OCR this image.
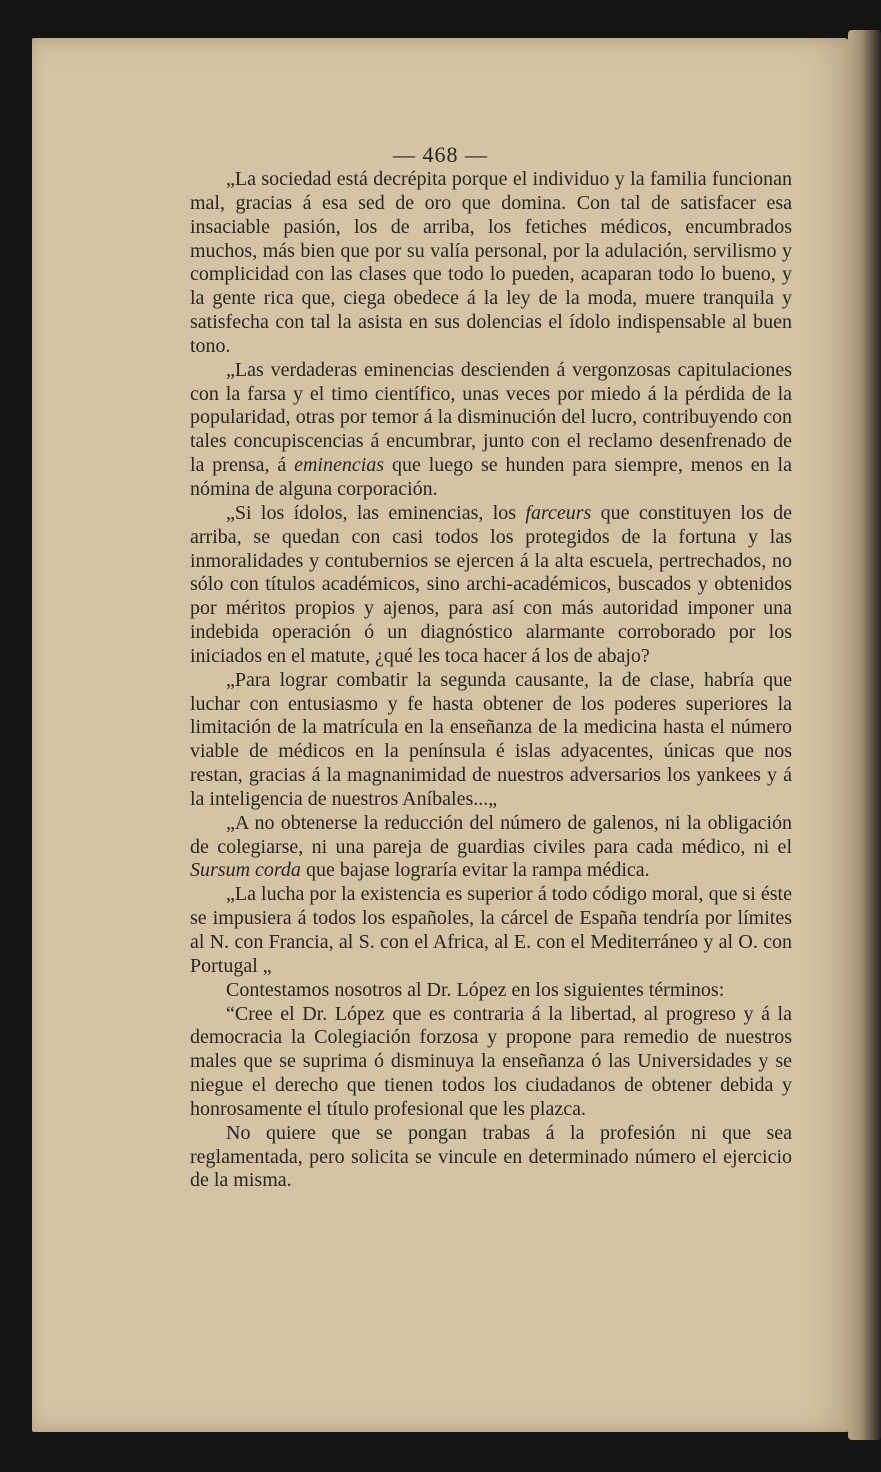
— 468 —

„La sociedad está decrépita porque el individuo y la familia funcionan mal, gracias á esa sed de oro que domina. Con tal de satisfacer esa insaciable pasión, los de arriba, los fetiches médicos, encumbrados muchos, más bien que por su valía personal, por la adulación, servilismo y complicidad con las clases que todo lo pueden, acaparan todo lo bueno, y la gente rica que, ciega obedece á la ley de la moda, muere tranquila y satisfecha con tal la asista en sus dolencias el ídolo indispensable al buen tono.

„Las verdaderas eminencias descienden á vergonzosas capitulaciones con la farsa y el timo científico, unas veces por miedo á la pérdida de la popularidad, otras por temor á la disminución del lucro, contribuyendo con tales concupiscencias á encumbrar, junto con el reclamo desenfrenado de la prensa, á eminencias que luego se hunden para siempre, menos en la nómina de alguna corporación.

„Si los ídolos, las eminencias, los farceurs que constituyen los de arriba, se quedan con casi todos los protegidos de la fortuna y las inmoralidades y contubernios se ejercen á la alta escuela, pertrechados, no sólo con títulos académicos, sino archi-académicos, buscados y obtenidos por méritos propios y ajenos, para así con más autoridad imponer una indebida operación ó un diagnóstico alarmante corroborado por los iniciados en el matute, ¿qué les toca hacer á los de abajo?

„Para lograr combatir la segunda causante, la de clase, habría que luchar con entusiasmo y fe hasta obtener de los poderes superiores la limitación de la matrícula en la enseñanza de la medicina hasta el número viable de médicos en la península é islas adyacentes, únicas que nos restan, gracias á la magnanimidad de nuestros adversarios los yankees y á la inteligencia de nuestros Aníbales...„

„A no obtenerse la reducción del número de galenos, ni la obligación de colegiarse, ni una pareja de guardias civiles para cada médico, ni el Sursum corda que bajase lograría evitar la rampa médica.

„La lucha por la existencia es superior á todo código moral, que si éste se impusiera á todos los españoles, la cárcel de España tendría por límites al N. con Francia, al S. con el Africa, al E. con el Mediterráneo y al O. con Portugal „

Contestamos nosotros al Dr. López en los siguientes términos:

“Cree el Dr. López que es contraria á la libertad, al progreso y á la democracia la Colegiación forzosa y propone para remedio de nuestros males que se suprima ó disminuya la enseñanza ó las Universidades y se niegue el derecho que tienen todos los ciudadanos de obtener debida y honrosamente el título profesional que les plazca.

No quiere que se pongan trabas á la profesión ni que sea reglamentada, pero solicita se vincule en determinado número el ejercicio de la misma.
